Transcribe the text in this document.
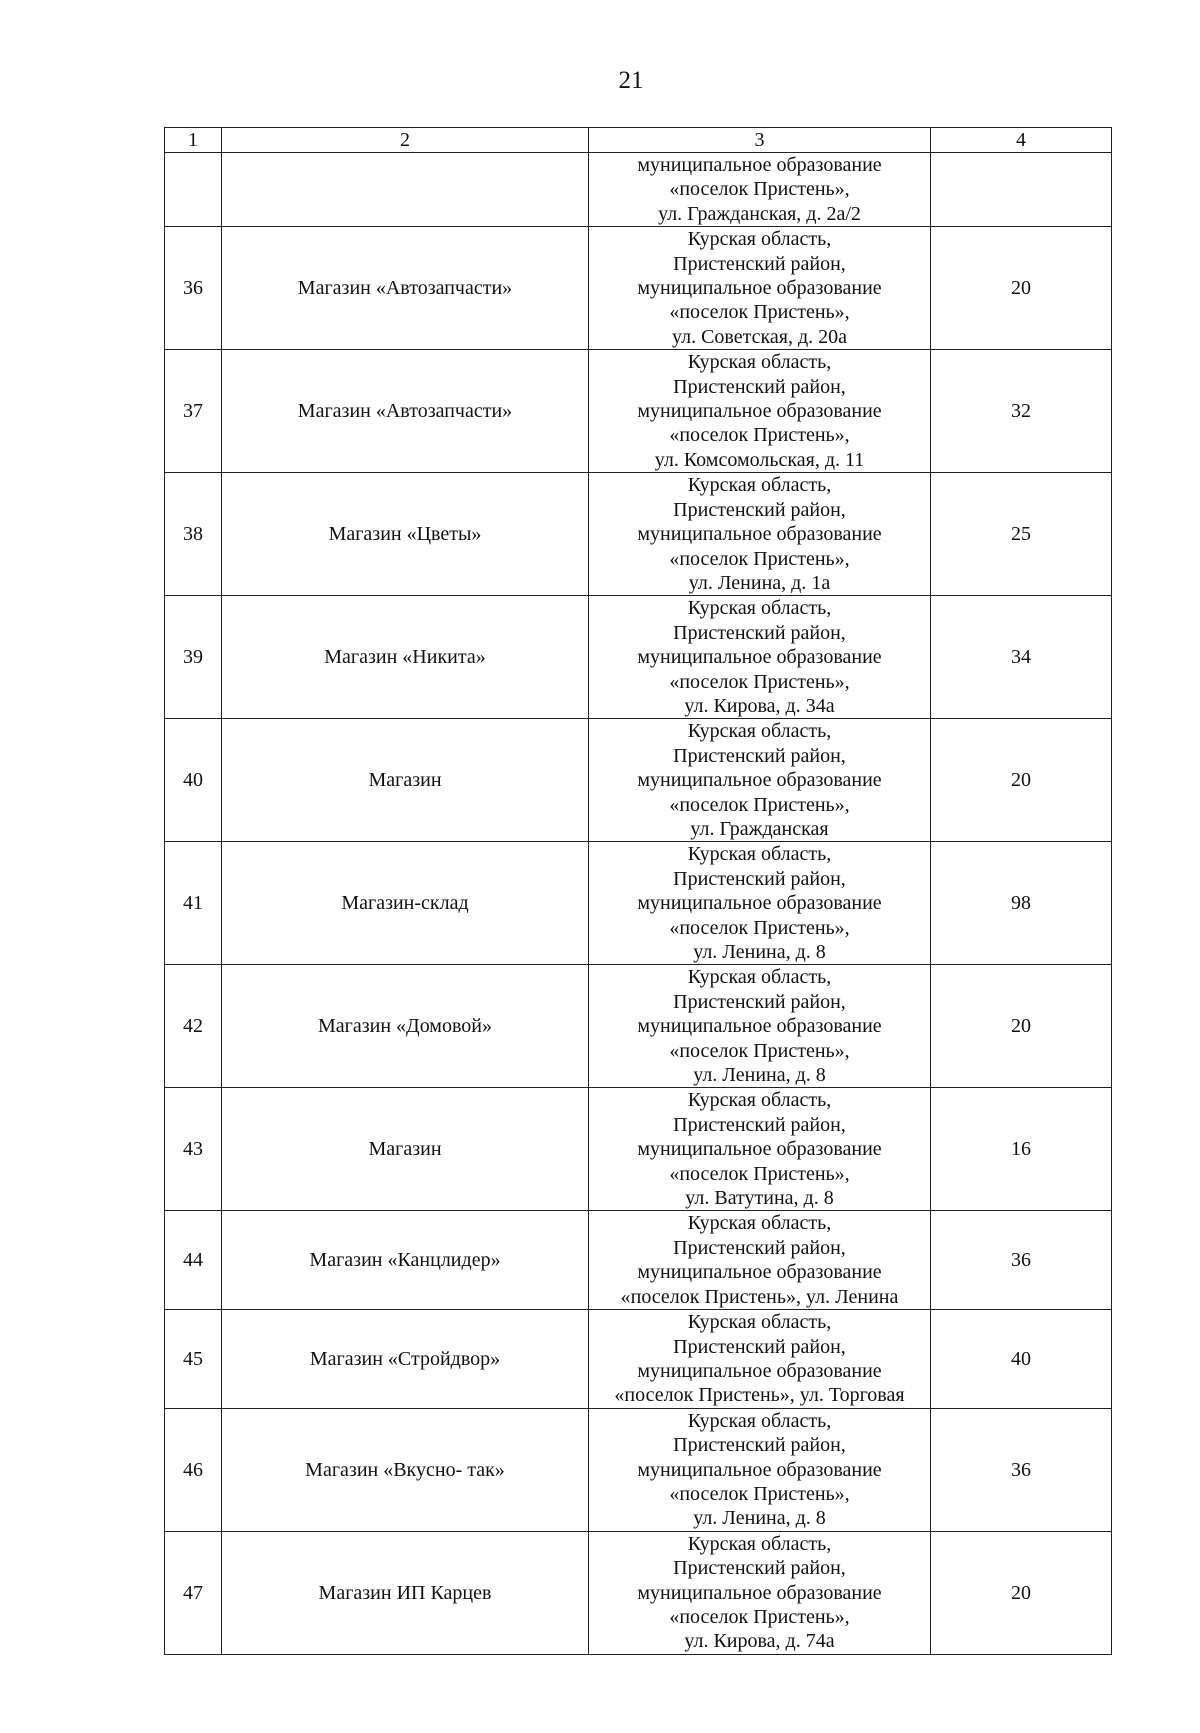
21
1	2	3	4

		муниципальное образование
«поселок Пристень»,
ул. Гражданская, д. 2а/2	

36	Магазин «Автозапчасти»	Курская область,
Пристенский район,
муниципальное образование
«поселок Пристень»,
ул. Советская, д. 20а	20
37	Магазин «Автозапчасти»	Курская область,
Пристенский район,
муниципальное образование
«поселок Пристень»,
ул. Комсомольская, д. 11	32
38	Магазин «Цветы»	Курская область,
Пристенский район,
муниципальное образование
«поселок Пристень»,
ул. Ленина, д. 1а	25
39	Магазин «Никита»	Курская область,
Пристенский район,
муниципальное образование
«поселок Пристень»,
ул. Кирова, д. 34а	34
40	Магазин	Курская область,
Пристенский район,
муниципальное образование
«поселок Пристень»,
ул. Гражданская	20
41	Магазин-склад	Курская область,
Пристенский район,
муниципальное образование
«поселок Пристень»,
ул. Ленина, д. 8	98
42	Магазин «Домовой»	Курская область,
Пристенский район,
муниципальное образование
«поселок Пристень»,
ул. Ленина, д. 8	20
43	Магазин	Курская область,
Пристенский район,
муниципальное образование
«поселок Пристень»,
ул. Ватутина, д. 8	16
44	Магазин «Канцлидер»	Курская область,
Пристенский район,
муниципальное образование
«поселок Пристень», ул. Ленина	36
45	Магазин «Стройдвор»	Курская область,
Пристенский район,
муниципальное образование
«поселок Пристень», ул. Торговая	40
46	Магазин «Вкусно- так»	Курская область,
Пристенский район,
муниципальное образование
«поселок Пристень»,
ул. Ленина, д. 8	36
47	Магазин ИП Карцев	Курская область,
Пристенский район,
муниципальное образование
«поселок Пристень»,
ул. Кирова, д. 74а	20
